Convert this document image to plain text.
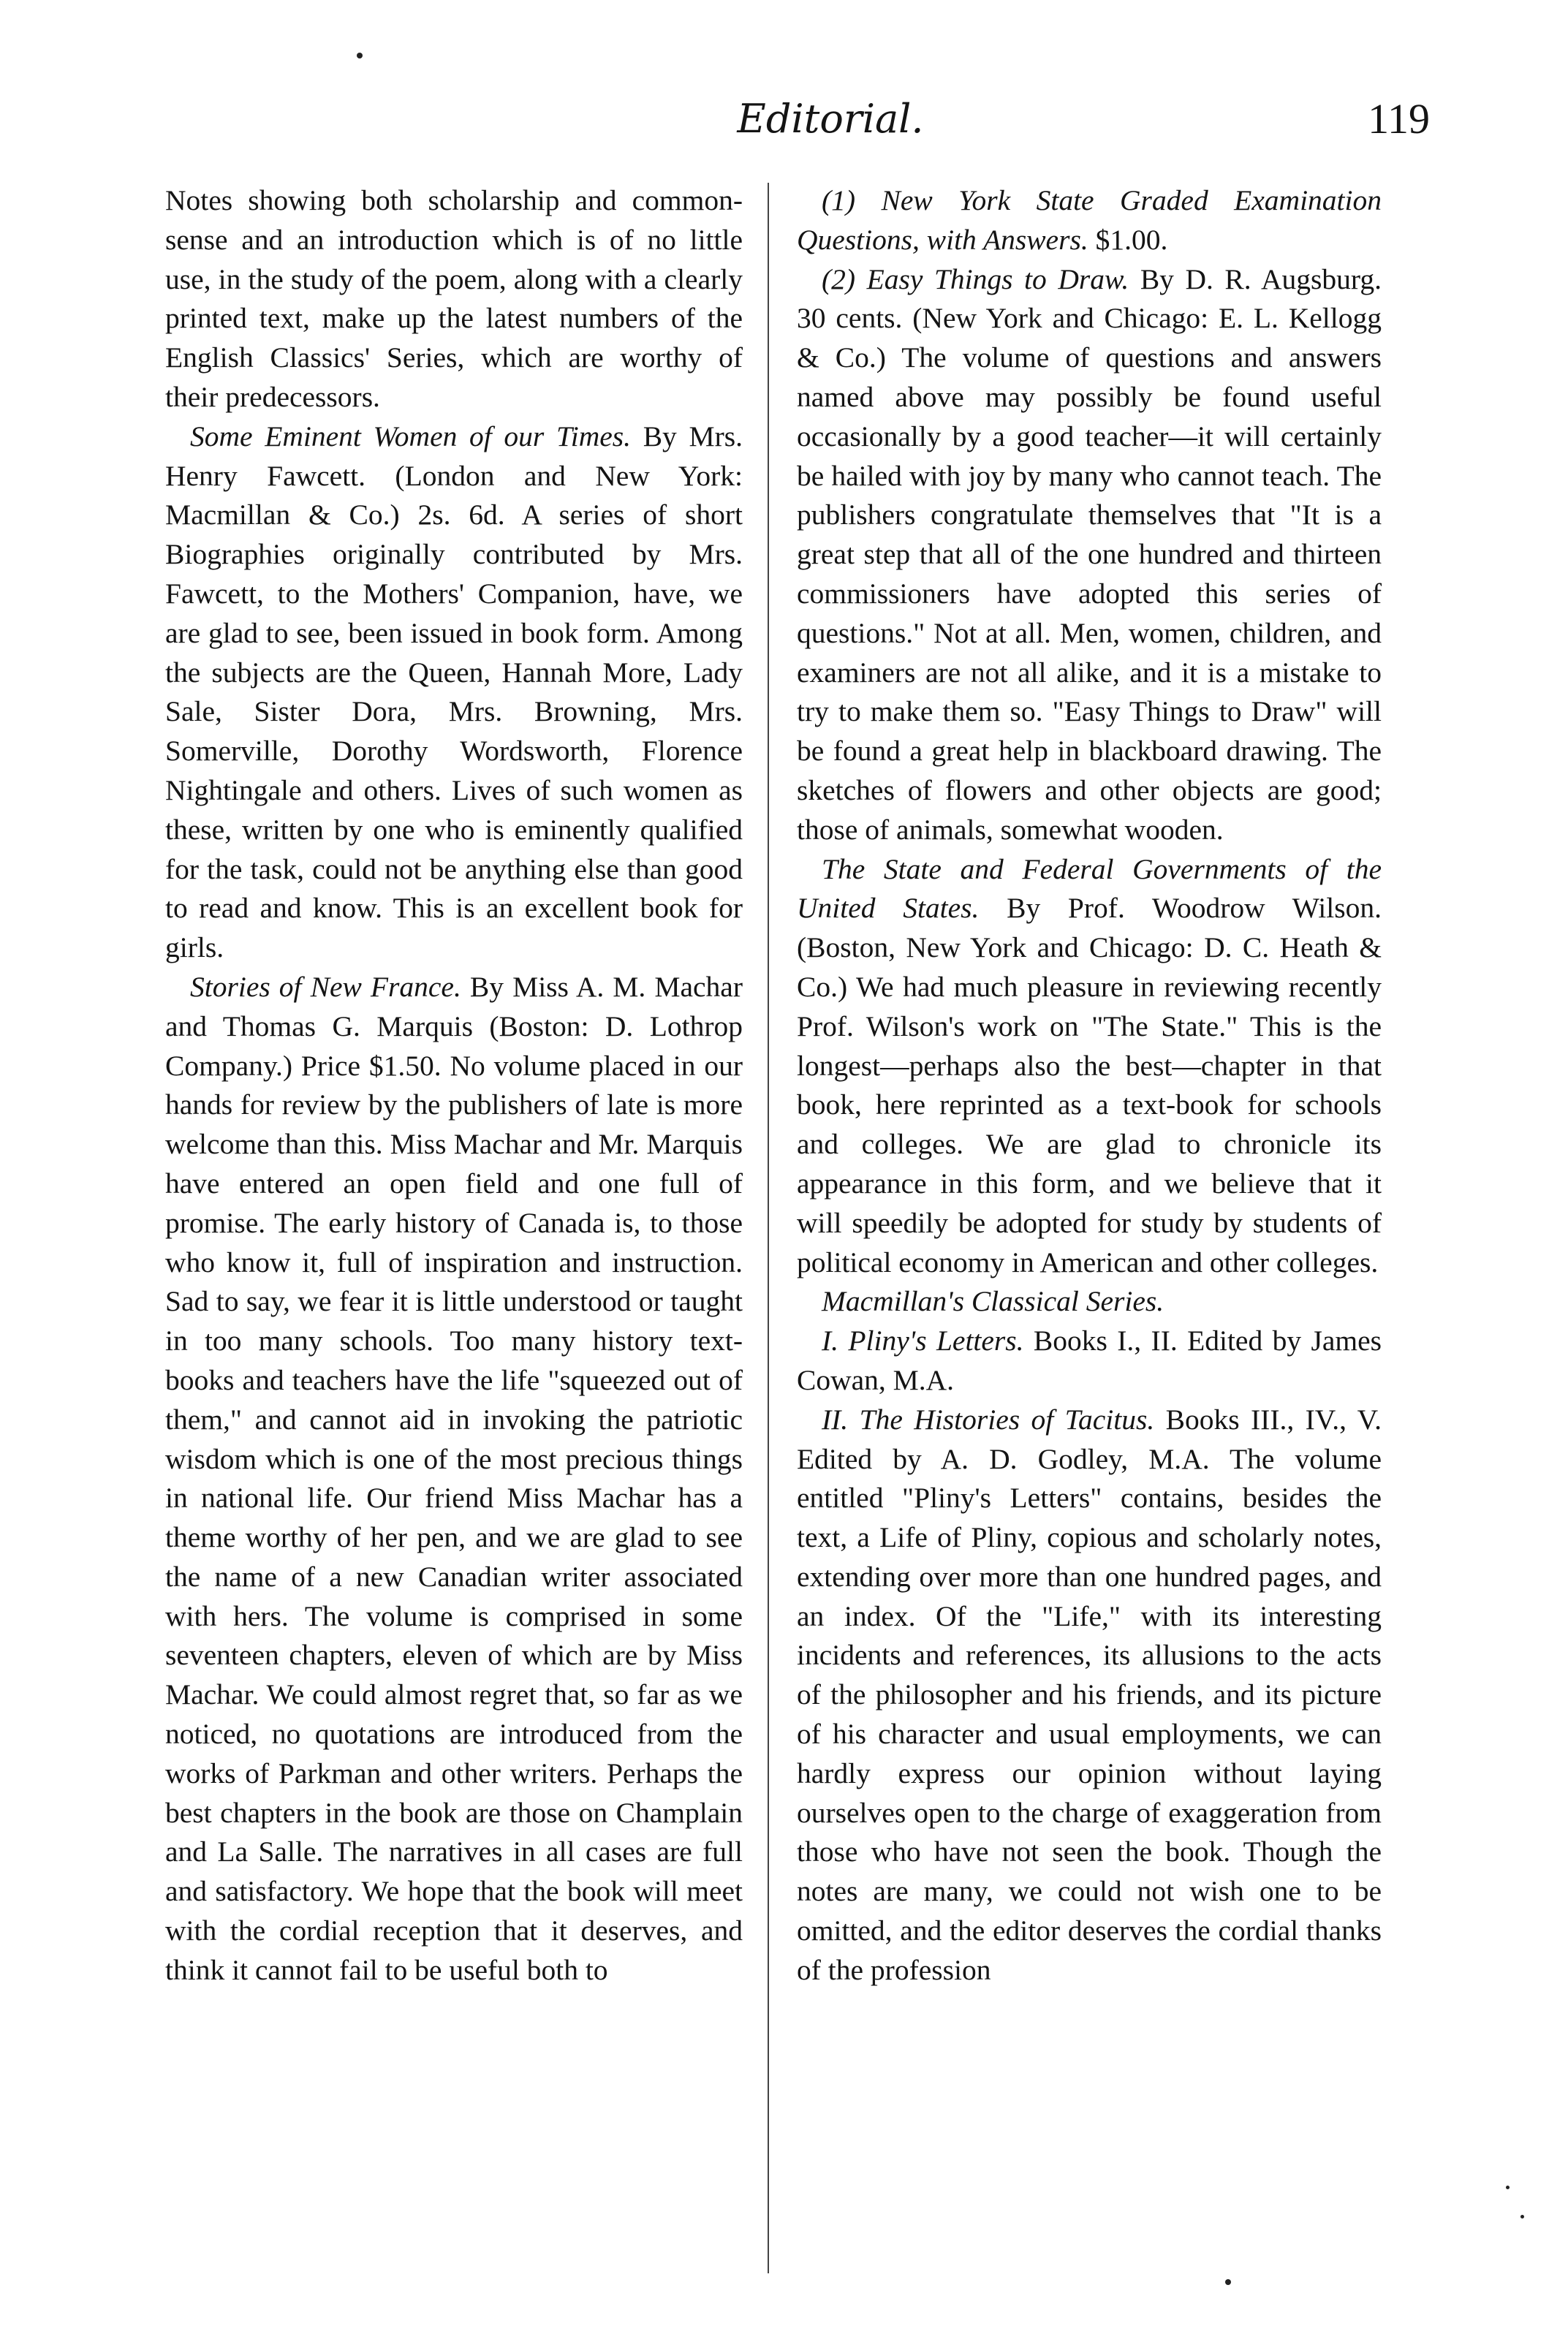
Editorial.	119

Notes showing both scholarship and common-sense and an introduction which is of no little use, in the study of the poem, along with a clearly printed text, make up the latest numbers of the English Classics' Series, which are worthy of their predecessors.

Some Eminent Women of our Times. By Mrs. Henry Fawcett. (London and New York: Macmillan & Co.) 2s. 6d. A series of short Biographies originally contributed by Mrs. Fawcett, to the Mothers' Companion, have, we are glad to see, been issued in book form. Among the subjects are the Queen, Hannah More, Lady Sale, Sister Dora, Mrs. Browning, Mrs. Somerville, Dorothy Wordsworth, Florence Nightingale and others. Lives of such women as these, written by one who is eminently qualified for the task, could not be anything else than good to read and know. This is an excellent book for girls.

Stories of New France. By Miss A. M. Machar and Thomas G. Marquis (Boston: D. Lothrop Company.) Price $1.50. No volume placed in our hands for review by the publishers of late is more welcome than this. Miss Machar and Mr. Marquis have entered an open field and one full of promise. The early history of Canada is, to those who know it, full of inspiration and instruction. Sad to say, we fear it is little understood or taught in too many schools. Too many history text-books and teachers have the life "squeezed out of them," and cannot aid in invoking the patriotic wisdom which is one of the most precious things in national life. Our friend Miss Machar has a theme worthy of her pen, and we are glad to see the name of a new Canadian writer associated with hers. The volume is comprised in some seventeen chapters, eleven of which are by Miss Machar. We could almost regret that, so far as we noticed, no quotations are introduced from the works of Parkman and other writers. Perhaps the best chapters in the book are those on Champlain and La Salle. The narratives in all cases are full and satisfactory. We hope that the book will meet with the cordial reception that it deserves, and think it cannot fail to be useful both to

(1) New York State Graded Examination Questions, with Answers. $1.00.

(2) Easy Things to Draw. By D. R. Augsburg. 30 cents. (New York and Chicago: E. L. Kellogg & Co.) The volume of questions and answers named above may possibly be found useful occasionally by a good teacher—it will certainly be hailed with joy by many who cannot teach. The publishers congratulate themselves that "It is a great step that all of the one hundred and thirteen commissioners have adopted this series of questions." Not at all. Men, women, children, and examiners are not all alike, and it is a mistake to try to make them so. "Easy Things to Draw" will be found a great help in blackboard drawing. The sketches of flowers and other objects are good; those of animals, somewhat wooden.

The State and Federal Governments of the United States. By Prof. Woodrow Wilson. (Boston, New York and Chicago: D. C. Heath & Co.) We had much pleasure in reviewing recently Prof. Wilson's work on "The State." This is the longest—perhaps also the best—chapter in that book, here reprinted as a text-book for schools and colleges. We are glad to chronicle its appearance in this form, and we believe that it will speedily be adopted for study by students of political economy in American and other colleges.

Macmillan's Classical Series.

I. Pliny's Letters. Books I., II. Edited by James Cowan, M.A.

II. The Histories of Tacitus. Books III., IV., V. Edited by A. D. Godley, M.A. The volume entitled "Pliny's Letters" contains, besides the text, a Life of Pliny, copious and scholarly notes, extending over more than one hundred pages, and an index. Of the "Life," with its interesting incidents and references, its allusions to the acts of the philosopher and his friends, and its picture of his character and usual employments, we can hardly express our opinion without laying ourselves open to the charge of exaggeration from those who have not seen the book. Though the notes are many, we could not wish one to be omitted, and the editor deserves the cordial thanks of the profession
